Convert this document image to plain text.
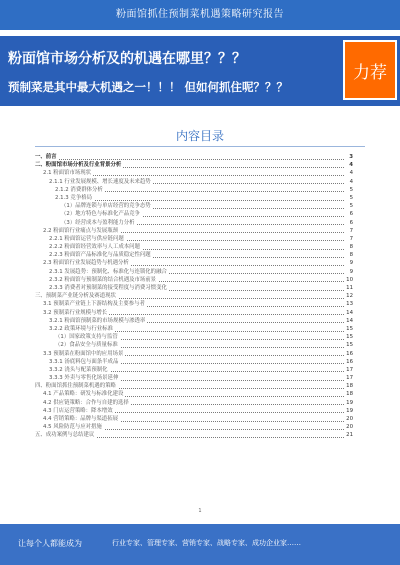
粉面馆抓住预制菜机遇策略研究报告
粉面馆市场分析及的机遇在哪里？？？
预制菜是其中最大机遇之一！！！ 但如何抓住呢？？？
力荐
内容目录
一、前言	3
二、粉面馆市场分析及行业背景分析	4
2.1 粉面馆市场现状	4
2.1.1 行业发展规模、增长速度及未来趋势	4
2.1.2 消费群体分析	5
2.1.3 竞争格局	5
（1）品牌连锁与单店经营的竞争态势	5
（2）地方特色与标准化产品竞争	6
（3）经营成本与盈利能力分析	6
2.2 粉面馆行业痛点与发展瓶颈	7
2.2.1 粉面馆运营与供应链问题	7
2.2.2 粉面馆经营效率与人工成本问题	8
2.2.3 粉面馆产品标准化与品质稳定性问题	8
2.3 粉面馆行业发展趋势与机遇分析	9
2.3.1 发展趋势：预制化、标准化与连锁化的融合	9
2.3.2 粉面馆与预制菜的结合机遇及市场前景	10
2.3.3 消费者对预制菜的接受程度与消费习惯变化	11
三、预制菜产业链分析及赛道现状	12
3.1 预制菜产业链上下游结构及主要参与者	13
3.2 预制菜行业规模与增长	14
3.2.1 粉面馆预制菜的市场规模与渗透率	14
3.2.2 政策环境与行业标准	15
（1）国家政策支持与监管	15
（2）食品安全与质量标准	15
3.3 预制菜在粉面馆中的应用场景	16
3.3.1 汤底料包与面条半成品	16
3.3.2 浇头与配菜预制化	17
3.3.3 外卖与零售化场景延伸	17
四、粉面馆抓住预制菜机遇的策略	18
4.1 产品策略：研发与标准化建设	18
4.2 供应链策略：合作与自建的选择	19
4.3 门店运营策略：降本增效	19
4.4 营销策略：品牌与渠道拓展	20
4.5 风险防范与应对措施	20
五、成功案例与总结建议	21
1
让每个人都能成为	行业专家、管理专家、营销专家、战略专家、成功企业家……
